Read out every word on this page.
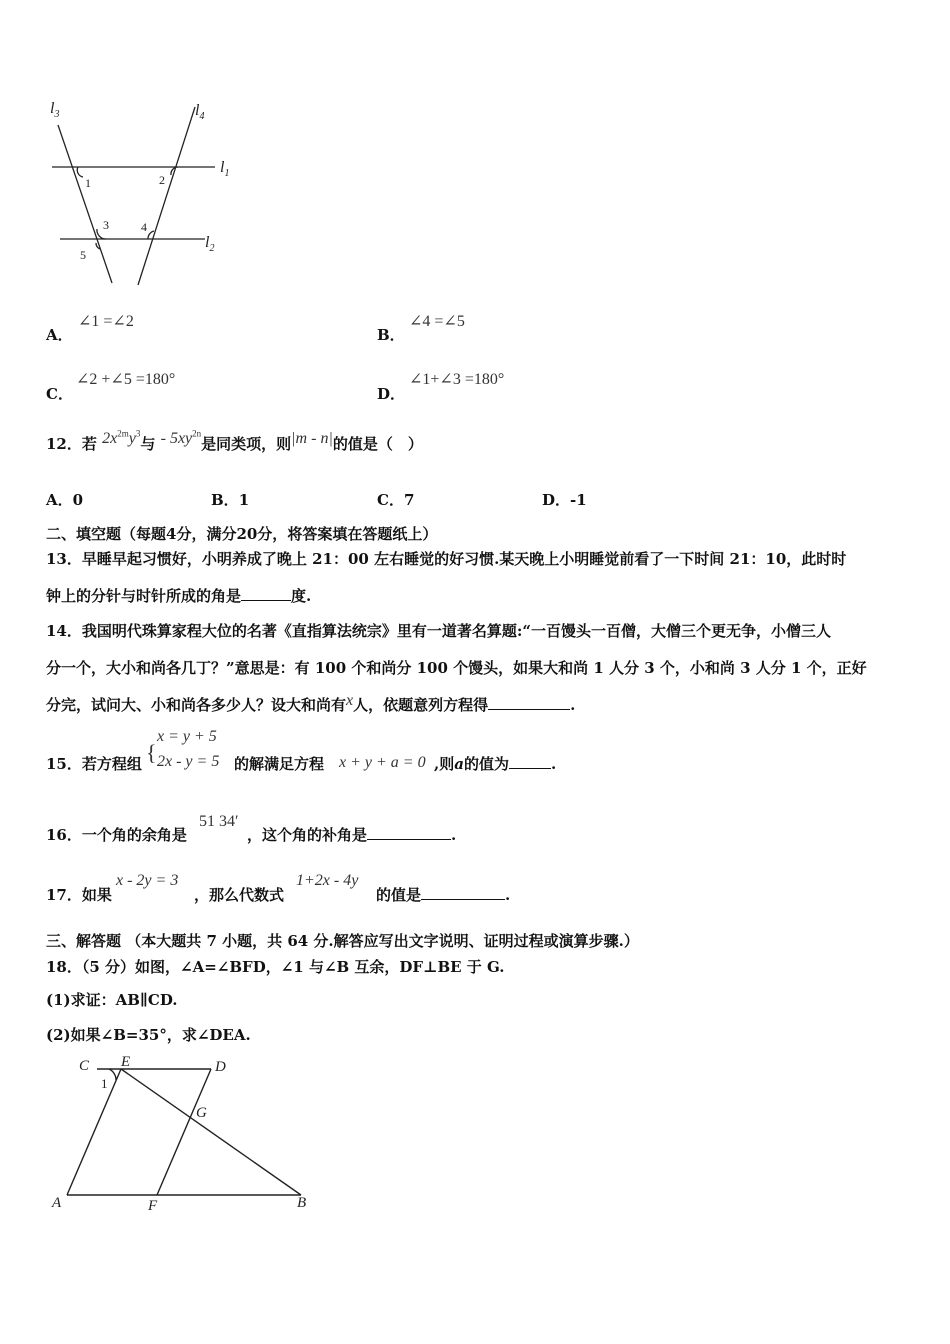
$l_3$	$l_4$
$l_1$
$l_2$
1	2
3	4
5
A．
∠1 =∠2
B．
∠4 =∠5
C．
∠2 +∠5 =180°
D．
∠1+∠3 =180°
12．若 $2x^{2m}y^3$与 - $5xy^{2n}$是同类项，则|m - n|的值是（　）
A．0	B．1	C．7	D．-1
二、填空题（每题4分，满分20分，将答案填在答题纸上）
13．早睡早起习惯好，小明养成了晚上 21：00 左右睡觉的好习惯.某天晚上小明睡觉前看了一下时间 21：10，此时时
钟上的分针与时针所成的角是	度.
14．我国明代珠算家程大位的名著《直指算法统宗》里有一道著名算题:“一百馒头一百僧，大僧三个更无争，小僧三人
分一个，大小和尚各几丁？”意思是：有 100 个和尚分 100 个馒头，如果大和尚 1 人分 3 个，小和尚 3 人分 1 个，正好
分完，试问大、小和尚各多少人？设大和尚有x人，依题意列方程得	.
15．若方程组 {
x = y + 5
2x - y = 5 的解满足方程 x + y + a = 0 ,则a的值为	.
16．一个角的余角是
51 34′
，这个角的补角是	.
17．如果
x - 2y = 3
，那么代数式
1+2x - 4y
的值是	.
三、解答题 （本大题共 7 小题，共 64 分.解答应写出文字说明、证明过程或演算步骤.）
18．（5 分）如图，∠A=∠BFD，∠1 与∠B 互余，DF⊥BE 于 G.
(1)求证：AB∥CD.
(2)如果∠B=35°，求∠DEA.
C E	D
G
A	F	B
1
